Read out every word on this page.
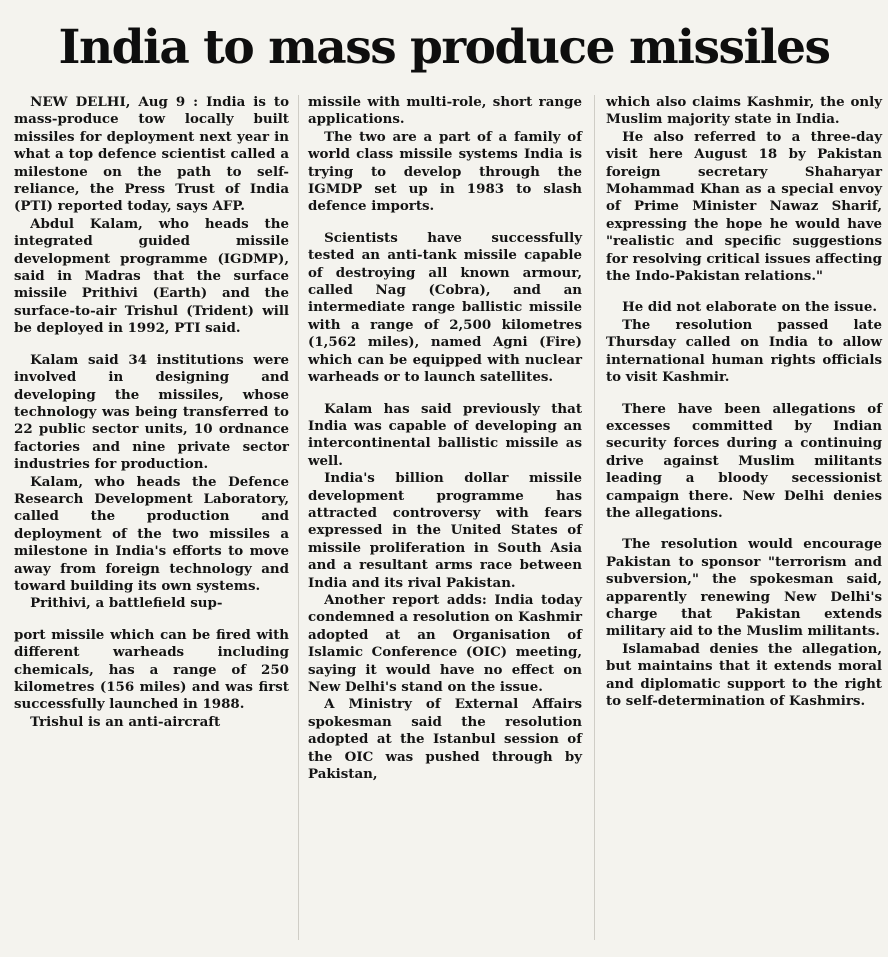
India to mass produce missiles

NEW DELHI, Aug 9 : India is to mass-produce tow locally built missiles for deployment next year in what a top defence scientist called a milestone on the path to self-reliance, the Press Trust of India (PTI) reported today, says AFP.

Abdul Kalam, who heads the integrated guided missile development programme (IGDMP), said in Madras that the surface missile Prithivi (Earth) and the surface-to-air Trishul (Trident) will be deployed in 1992, PTI said.

Kalam said 34 institutions were involved in designing and developing the missiles, whose technology was being transferred to 22 public sector units, 10 ordnance factories and nine private sector industries for production.

Kalam, who heads the Defence Research Development Laboratory, called the production and deployment of the two missiles a milestone in India's efforts to move away from foreign technology and toward building its own systems.

Prithivi, a battlefield sup-

port missile which can be fired with different warheads including chemicals, has a range of 250 kilometres (156 miles) and was first successfully launched in 1988.

Trishul is an anti-aircraft

missile with multi-role, short range applications.

The two are a part of a family of world class missile systems India is trying to develop through the IGMDP set up in 1983 to slash defence imports.

Scientists have successfully tested an anti-tank missile capable of destroying all known armour, called Nag (Cobra), and an intermediate range ballistic missile with a range of 2,500 kilometres (1,562 miles), named Agni (Fire) which can be equipped with nuclear warheads or to launch satellites.

Kalam has said previously that India was capable of developing an intercontinental ballistic missile as well.

India's billion dollar missile development programme has attracted controversy with fears expressed in the United States of missile proliferation in South Asia and a resultant arms race between India and its rival Pakistan.

Another report adds: India today condemned a resolution on Kashmir adopted at an Organisation of Islamic Conference (OIC) meeting, saying it would have no effect on New Delhi's stand on the issue.

A Ministry of External Affairs spokesman said the resolution adopted at the Istanbul session of the OIC was pushed through by Pakistan,

which also claims Kashmir, the only Muslim majority state in India.

He also referred to a three-day visit here August 18 by Pakistan foreign secretary Shaharyar Mohammad Khan as a special envoy of Prime Minister Nawaz Sharif, expressing the hope he would have "realistic and specific suggestions for resolving critical issues affecting the Indo-Pakistan relations."

He did not elaborate on the issue.

The resolution passed late Thursday called on India to allow international human rights officials to visit Kashmir.

There have been allegations of excesses committed by Indian security forces during a continuing drive against Muslim militants leading a bloody secessionist campaign there. New Delhi denies the allegations.

The resolution would encourage Pakistan to sponsor "terrorism and subversion," the spokesman said, apparently renewing New Delhi's charge that Pakistan extends military aid to the Muslim militants.

Islamabad denies the allegation, but maintains that it extends moral and diplomatic support to the right to self-determination of Kashmirs.
